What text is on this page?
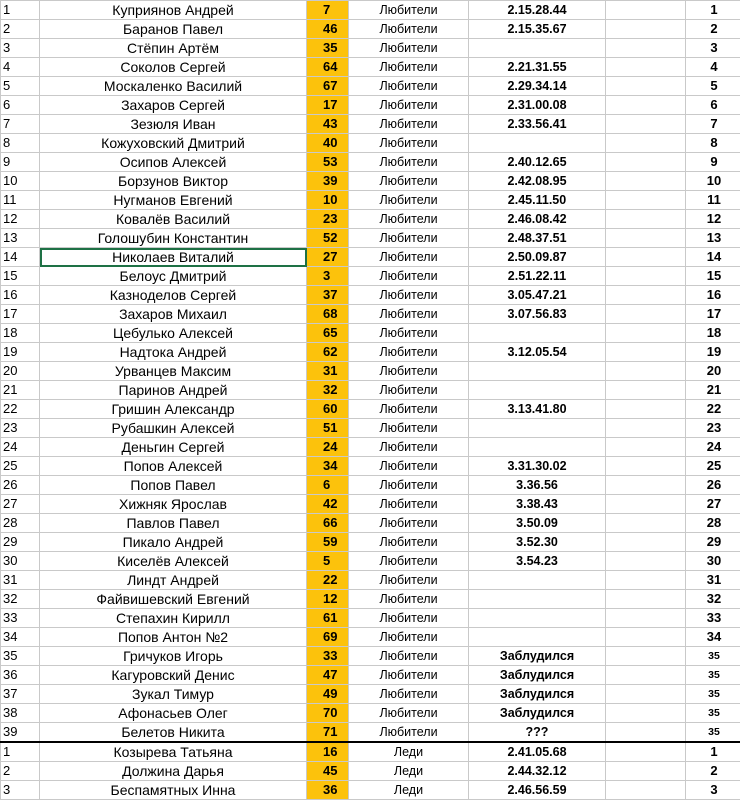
1	Куприянов Андрей	7	Любители	2.15.28.44		1
2	Баранов Павел	46	Любители	2.15.35.67		2
3	Стёпин Артём	35	Любители			3
4	Соколов Сергей	64	Любители	2.21.31.55		4
5	Москаленко Василий	67	Любители	2.29.34.14		5
6	Захаров Сергей	17	Любители	2.31.00.08		6
7	Зезюля Иван	43	Любители	2.33.56.41		7
8	Кожуховский Дмитрий	40	Любители			8
9	Осипов Алексей	53	Любители	2.40.12.65		9
10	Борзунов Виктор	39	Любители	2.42.08.95		10
11	Нугманов Евгений	10	Любители	2.45.11.50		11
12	Ковалёв Василий	23	Любители	2.46.08.42		12
13	Голошубин Константин	52	Любители	2.48.37.51		13
14	Николаев Виталий	27	Любители	2.50.09.87		14
15	Белоус Дмитрий	3	Любители	2.51.22.11		15
16	Казноделов Сергей	37	Любители	3.05.47.21		16
17	Захаров Михаил	68	Любители	3.07.56.83		17
18	Цебулько Алексей	65	Любители			18
19	Надтока Андрей	62	Любители	3.12.05.54		19
20	Урванцев Максим	31	Любители			20
21	Паринов Андрей	32	Любители			21
22	Гришин Александр	60	Любители	3.13.41.80		22
23	Рубашкин Алексей	51	Любители			23
24	Деньгин Сергей	24	Любители			24
25	Попов Алексей	34	Любители	3.31.30.02		25
26	Попов Павел	6	Любители	3.36.56		26
27	Хижняк Ярослав	42	Любители	3.38.43		27
28	Павлов Павел	66	Любители	3.50.09		28
29	Пикало Андрей	59	Любители	3.52.30		29
30	Киселёв Алексей	5	Любители	3.54.23		30
31	Линдт Андрей	22	Любители			31
32	Файвишевский Евгений	12	Любители			32
33	Степахин Кирилл	61	Любители			33
34	Попов Антон №2	69	Любители			34
35	Гричуков Игорь	33	Любители	Заблудился		35
36	Кагуровский Денис	47	Любители	Заблудился		35
37	Зукал Тимур	49	Любители	Заблудился		35
38	Афонасьев Олег	70	Любители	Заблудился		35
39	Белетов Никита	71	Любители	???		35
1	Козырева Татьяна	16	Леди	2.41.05.68		1
2	Должина Дарья	45	Леди	2.44.32.12		2
3	Беспамятных Инна	36	Леди	2.46.56.59		3
